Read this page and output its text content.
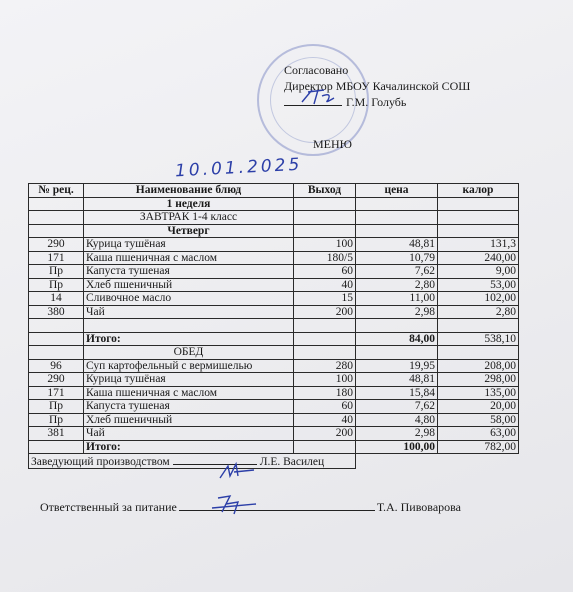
Согласовано
Директор МБОУ Качалинской СОШ
Г.М. Голубь
МЕНЮ
10.01.2025
№ рец.	Наименование блюд	Выход	цена	калор
	1 неделя			
	ЗАВТРАК 1-4 класс			
	Четверг			
290	Курица тушёная	100	48,81	131,3
171	Каша пшеничная с маслом	180/5	10,79	240,00
Пр	Капуста тушеная	60	7,62	9,00
Пр	Хлеб пшеничный	40	2,80	53,00
14	Сливочное масло	15	11,00	102,00
380	Чай	200	2,98	2,80

	Итого:		84,00	538,10
	ОБЕД			
96	Суп картофельный с вермишелью	280	19,95	208,00
290	Курица тушёная	100	48,81	298,00
171	Каша пшеничная с маслом	180	15,84	135,00
Пр	Капуста тушеная	60	7,62	20,00
Пр	Хлеб пшеничный	40	4,80	58,00
381	Чай	200	2,98	63,00
	Итого:		100,00	782,00
Заведующий производством Л.Е. Василец				
Ответственный за питание	Т.А. Пивоварова
